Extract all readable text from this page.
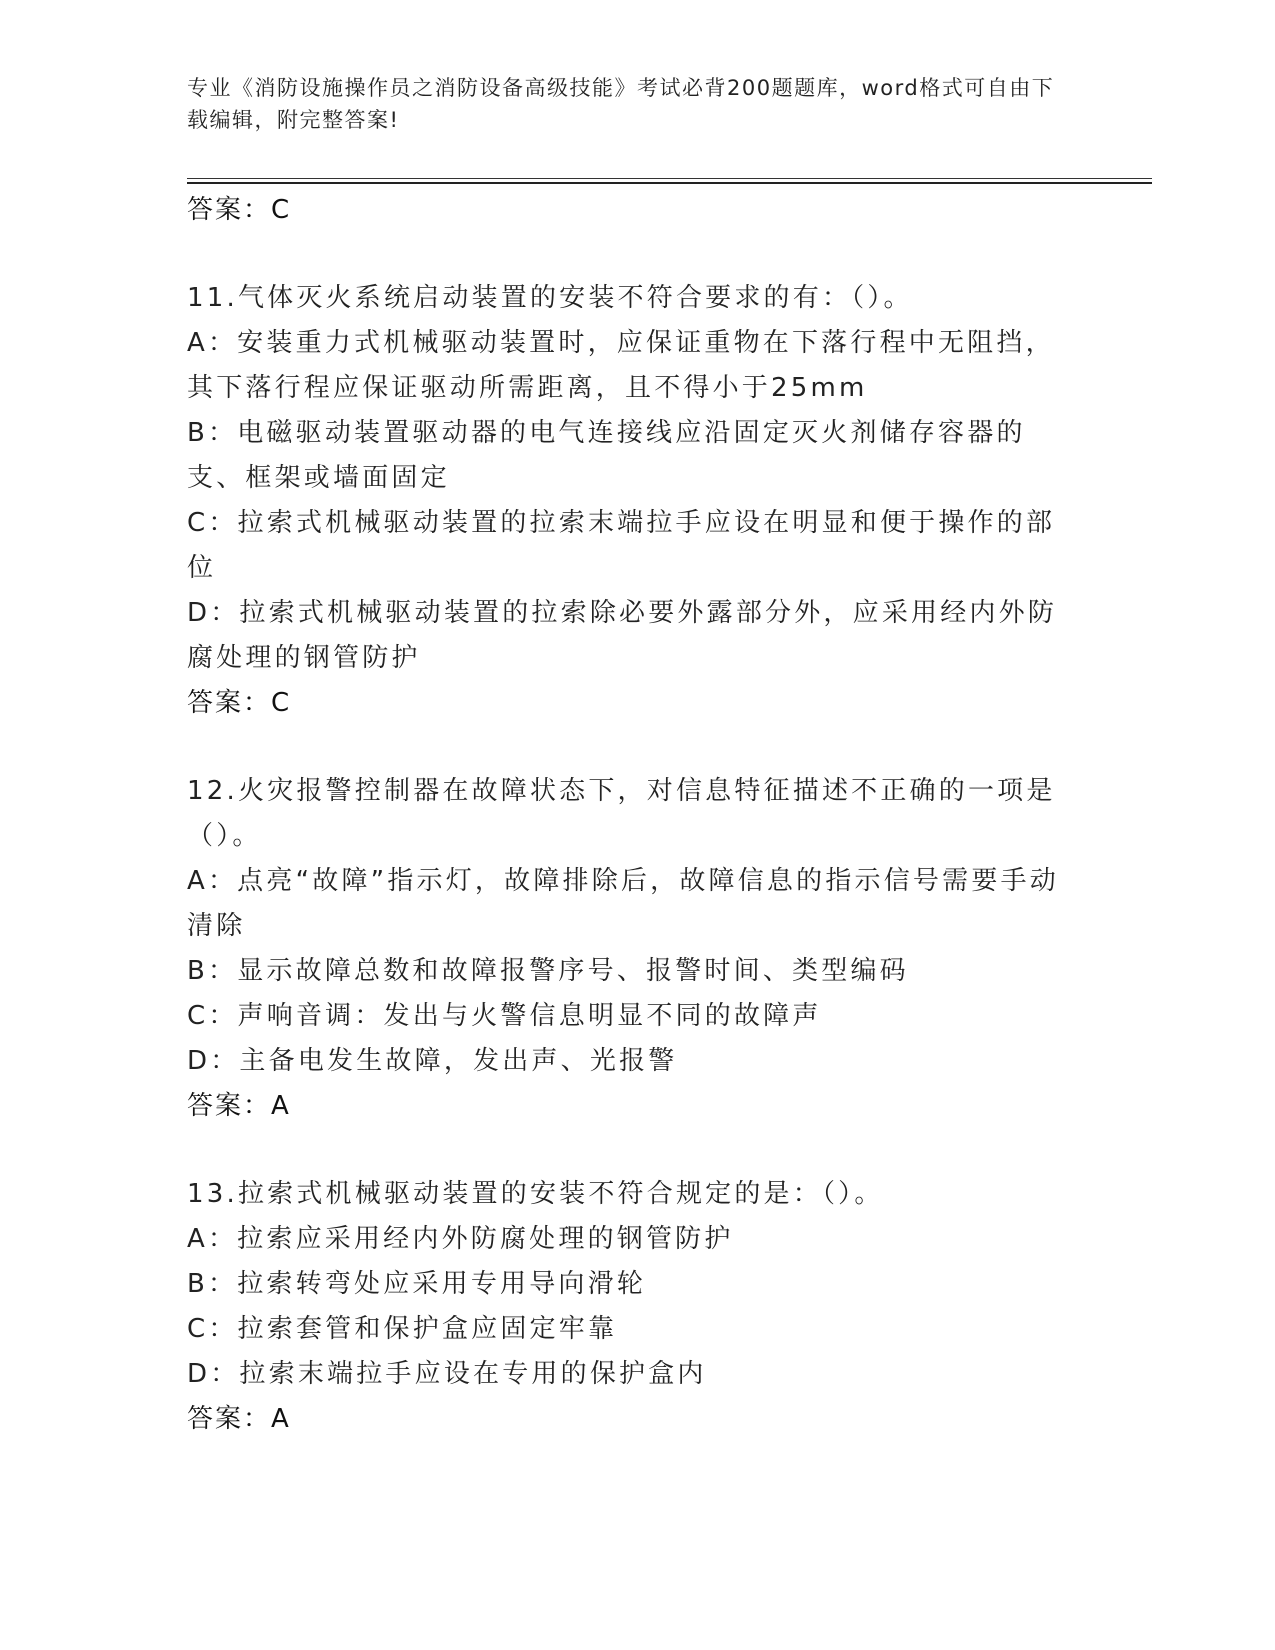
专业《消防设施操作员之消防设备高级技能》考试必背200题题库，word格式可自由下载编辑，附完整答案!

答案：C

11.气体灭火系统启动装置的安装不符合要求的有：（）。

A：安装重力式机械驱动装置时，应保证重物在下落行程中无阻挡，其下落行程应保证驱动所需距离，且不得小于25mm

B：电磁驱动装置驱动器的电气连接线应沿固定灭火剂储存容器的支、框架或墙面固定

C：拉索式机械驱动装置的拉索末端拉手应设在明显和便于操作的部位

D：拉索式机械驱动装置的拉索除必要外露部分外，应采用经内外防腐处理的钢管防护

答案：C

12.火灾报警控制器在故障状态下，对信息特征描述不正确的一项是（）。

A：点亮“故障”指示灯，故障排除后，故障信息的指示信号需要手动清除

B：显示故障总数和故障报警序号、报警时间、类型编码

C：声响音调：发出与火警信息明显不同的故障声

D：主备电发生故障，发出声、光报警

答案：A

13.拉索式机械驱动装置的安装不符合规定的是：（）。

A：拉索应采用经内外防腐处理的钢管防护

B：拉索转弯处应采用专用导向滑轮

C：拉索套管和保护盒应固定牢靠

D：拉索末端拉手应设在专用的保护盒内

答案：A
